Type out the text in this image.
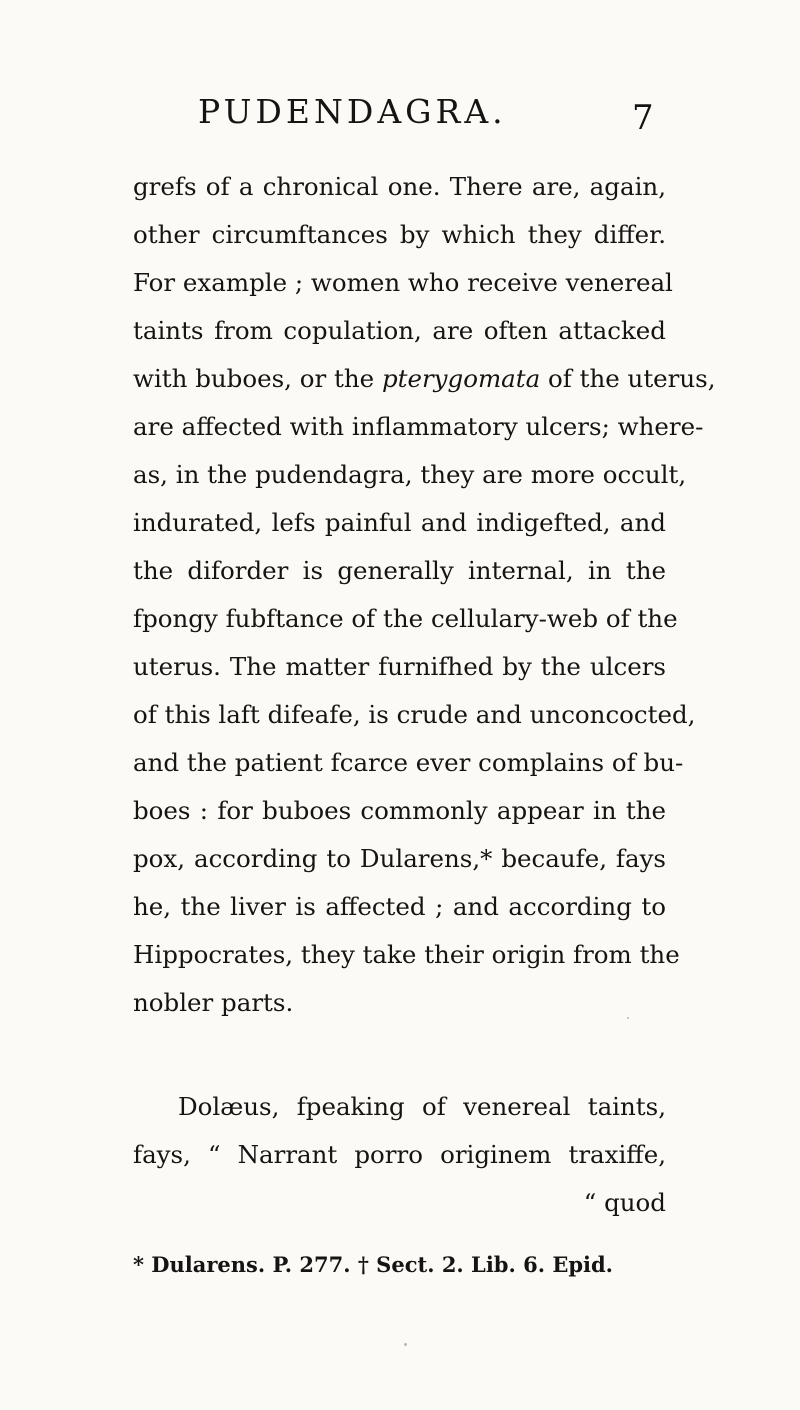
PUDENDAGRA.	7
grefs of a chronical one. There are, again,
other circumftances by which they differ.
For example ; women who receive venereal
taints from copulation, are often attacked
with buboes, or the pterygomata of the uterus,
are affected with inflammatory ulcers; where-
as, in the pudendagra, they are more occult,
indurated, lefs painful and indigefted, and
the diforder is generally internal, in the
fpongy fubftance of the cellulary-web of the
uterus. The matter furnifhed by the ulcers
of this laft difeafe, is crude and unconcocted,
and the patient fcarce ever complains of bu-
boes : for buboes commonly appear in the
pox, according to Dularens,* becaufe, fays
he, the liver is affected ; and according to
Hippocrates, they take their origin from the
nobler parts.
Dolæus, fpeaking of venereal taints,
fays, “ Narrant porro originem traxiffe,
“ quod
* Dularens. P. 277. † Sect. 2. Lib. 6. Epid.
